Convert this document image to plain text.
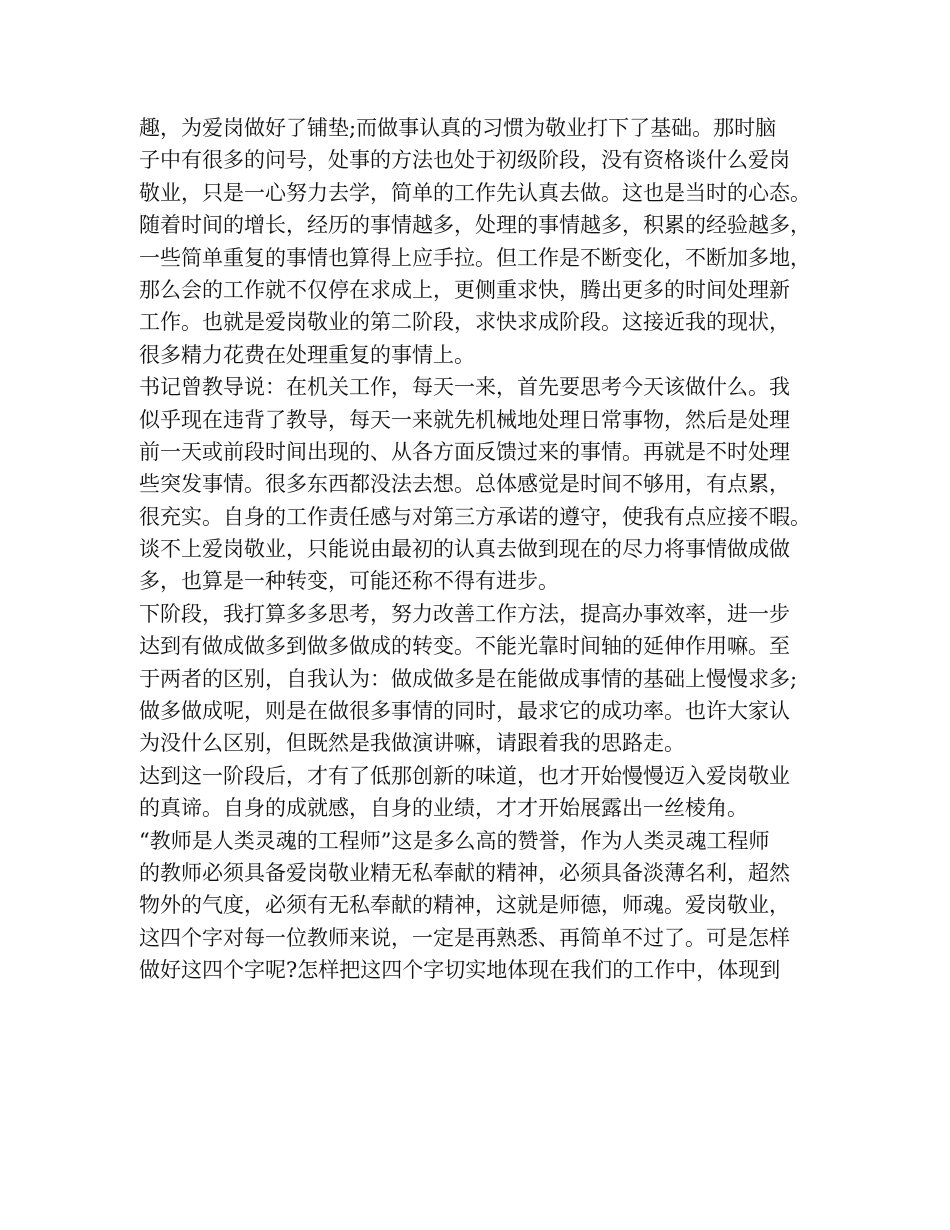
趣，为爱岗做好了铺垫;而做事认真的习惯为敬业打下了基础。那时脑
子中有很多的问号，处事的方法也处于初级阶段，没有资格谈什么爱岗
敬业，只是一心努力去学，简单的工作先认真去做。这也是当时的心态。
随着时间的增长，经历的事情越多，处理的事情越多，积累的经验越多，
一些简单重复的事情也算得上应手拉。但工作是不断变化，不断加多地，
那么会的工作就不仅停在求成上，更侧重求快，腾出更多的时间处理新
工作。也就是爱岗敬业的第二阶段，求快求成阶段。这接近我的现状，
很多精力花费在处理重复的事情上。
书记曾教导说：在机关工作，每天一来，首先要思考今天该做什么。我
似乎现在违背了教导，每天一来就先机械地处理日常事物，然后是处理
前一天或前段时间出现的、从各方面反馈过来的事情。再就是不时处理
些突发事情。很多东西都没法去想。总体感觉是时间不够用，有点累，
很充实。自身的工作责任感与对第三方承诺的遵守，使我有点应接不暇。
谈不上爱岗敬业，只能说由最初的认真去做到现在的尽力将事情做成做
多，也算是一种转变，可能还称不得有进步。
下阶段，我打算多多思考，努力改善工作方法，提高办事效率，进一步
达到有做成做多到做多做成的转变。不能光靠时间轴的延伸作用嘛。至
于两者的区别，自我认为：做成做多是在能做成事情的基础上慢慢求多;
做多做成呢，则是在做很多事情的同时，最求它的成功率。也许大家认
为没什么区别，但既然是我做演讲嘛，请跟着我的思路走。
达到这一阶段后，才有了低那创新的味道，也才开始慢慢迈入爱岗敬业
的真谛。自身的成就感，自身的业绩，才才开始展露出一丝棱角。
“教师是人类灵魂的工程师”这是多么高的赞誉，作为人类灵魂工程师
的教师必须具备爱岗敬业精无私奉献的精神，必须具备淡薄名利，超然
物外的气度，必须有无私奉献的精神，这就是师德，师魂。爱岗敬业，
这四个字对每一位教师来说，一定是再熟悉、再简单不过了。可是怎样
做好这四个字呢?怎样把这四个字切实地体现在我们的工作中，体现到
